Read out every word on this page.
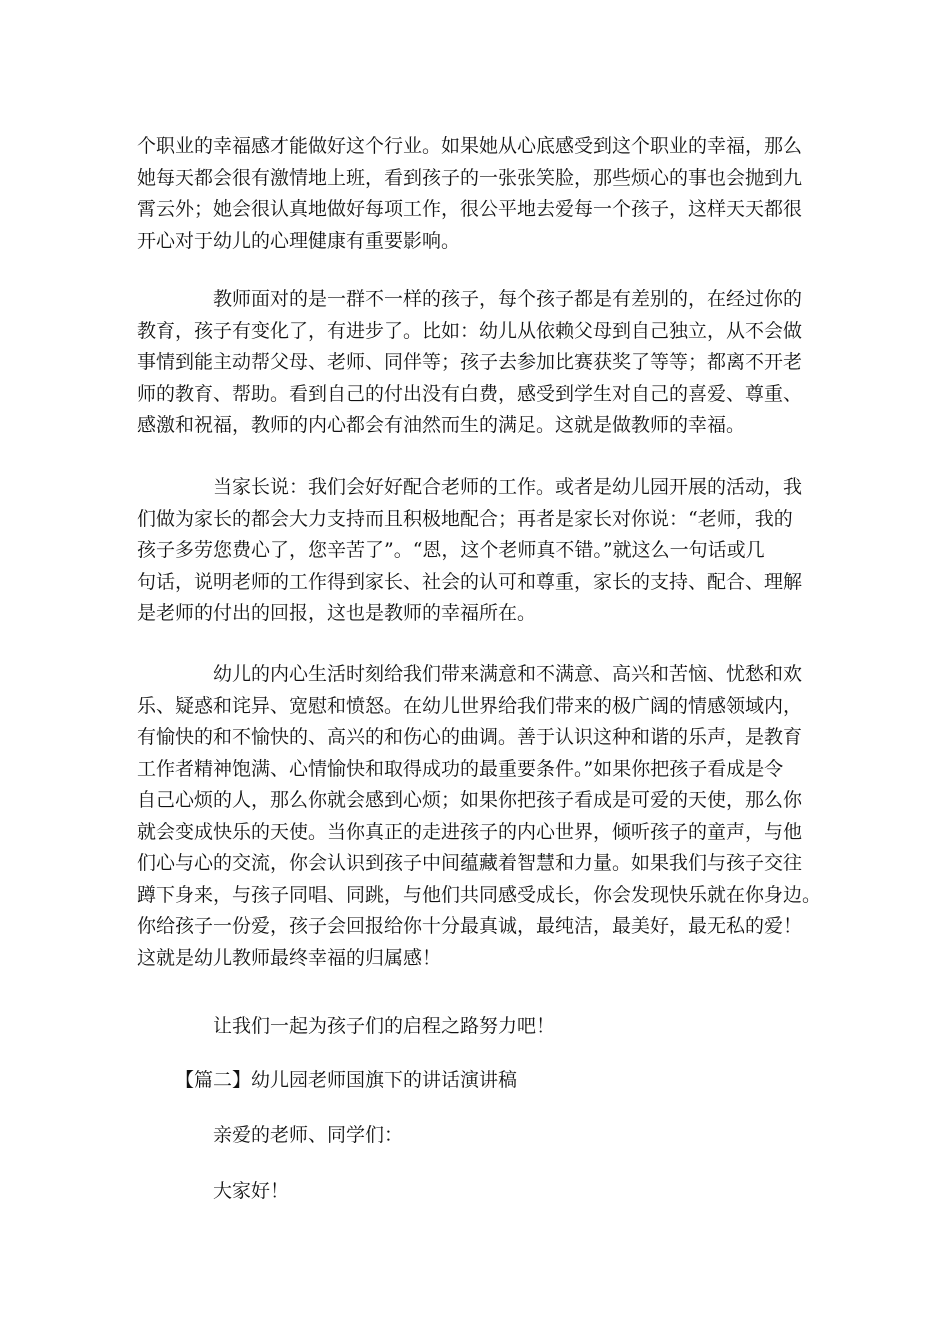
个职业的幸福感才能做好这个行业。如果她从心底感受到这个职业的幸福，那么
她每天都会很有激情地上班，看到孩子的一张张笑脸，那些烦心的事也会抛到九
霄云外；她会很认真地做好每项工作，很公平地去爱每一个孩子，这样天天都很
开心对于幼儿的心理健康有重要影响。
教师面对的是一群不一样的孩子，每个孩子都是有差别的，在经过你的
教育，孩子有变化了，有进步了。比如：幼儿从依赖父母到自己独立，从不会做
事情到能主动帮父母、老师、同伴等；孩子去参加比赛获奖了等等；都离不开老
师的教育、帮助。看到自己的付出没有白费，感受到学生对自己的喜爱、尊重、
感激和祝福，教师的内心都会有油然而生的满足。这就是做教师的幸福。
当家长说：我们会好好配合老师的工作。或者是幼儿园开展的活动，我
们做为家长的都会大力支持而且积极地配合；再者是家长对你说：“老师，我的
孩子多劳您费心了，您辛苦了”。“恩，这个老师真不错。”就这么一句话或几
句话，说明老师的工作得到家长、社会的认可和尊重，家长的支持、配合、理解
是老师的付出的回报，这也是教师的幸福所在。
幼儿的内心生活时刻给我们带来满意和不满意、高兴和苦恼、忧愁和欢
乐、疑惑和诧异、宽慰和愤怒。在幼儿世界给我们带来的极广阔的情感领域内，
有愉快的和不愉快的、高兴的和伤心的曲调。善于认识这种和谐的乐声，是教育
工作者精神饱满、心情愉快和取得成功的最重要条件。”如果你把孩子看成是令
自己心烦的人，那么你就会感到心烦；如果你把孩子看成是可爱的天使，那么你
就会变成快乐的天使。当你真正的走进孩子的内心世界，倾听孩子的童声，与他
们心与心的交流，你会认识到孩子中间蕴藏着智慧和力量。如果我们与孩子交往
蹲下身来，与孩子同唱、同跳，与他们共同感受成长，你会发现快乐就在你身边。
你给孩子一份爱，孩子会回报给你十分最真诚，最纯洁，最美好，最无私的爱！
这就是幼儿教师最终幸福的归属感！
让我们一起为孩子们的启程之路努力吧！
【篇二】幼儿园老师国旗下的讲话演讲稿
亲爱的老师、同学们：
大家好！
